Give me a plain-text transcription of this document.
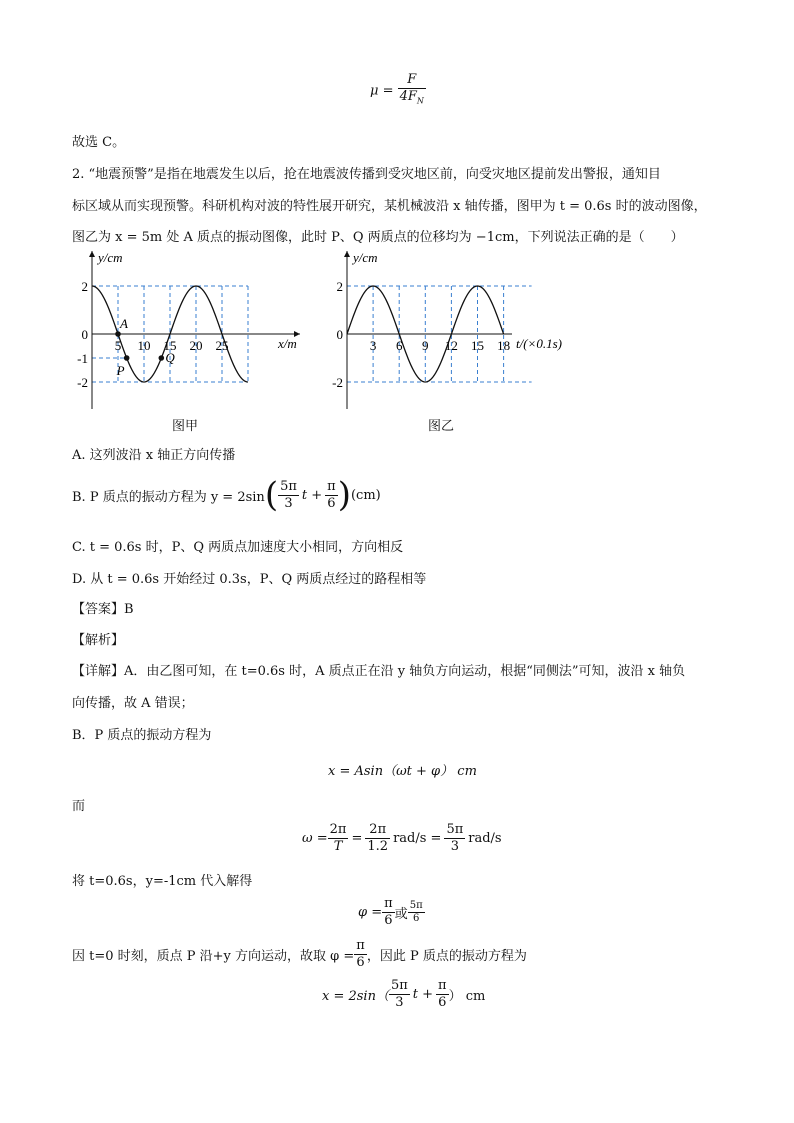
$\mu = \frac{F}{4F_N}$
故选 C。
2. “地震预警”是指在地震发生以后，抢在地震波传播到受灾地区前，向受灾地区提前发出警报，通知目
标区域从而实现预警。科研机构对波的特性展开研究，某机械波沿 x 轴传播，图甲为 t = 0.6s 时的波动图像，
图乙为 x = 5m 处 A 质点的振动图像，此时 P、Q 两质点的位移均为 −1cm，下列说法正确的是（　　）
y/cm
x/m
2
0
-1
-2
5 10 15 20 25
A
P
Q
y/cm
t/(×0.1s)
2
0
-2
3 6 9 12 15 18
图甲	图乙
A. 这列波沿 x 轴正方向传播
B. P 质点的振动方程为 y = 2sin ( $\frac{5\pi}{3}$ $t + \frac{\pi}{6}$ ) (cm)
C. t = 0.6s 时，P、Q 两质点加速度大小相同，方向相反
D. 从 t = 0.6s 开始经过 0.3s，P、Q 两质点经过的路程相等
【答案】B
【解析】
【详解】A．由乙图可知，在 t=0.6s 时，A 质点正在沿 y 轴负方向运动，根据“同侧法”可知，波沿 x 轴负
向传播，故 A 错误；
B．P 质点的振动方程为
x = Asin（ωt + φ） cm
而
$\omega = \frac{2\pi}{T} = \frac{2\pi}{1.2} rad/s = \frac{5\pi}{3} rad/s$
将 t=0.6s，y=-1cm 代入解得
$\varphi = \frac{\pi}{6}$ 或 $\frac{5\pi}{6}$
因 t=0 时刻，质点 P 沿+y 方向运动，故取 $\varphi = \frac{\pi}{6}$ ，因此 P 质点的振动方程为
$x = 2\sin( \frac{5\pi}{3}$ $t + \frac{\pi}{6}$ ） cm
